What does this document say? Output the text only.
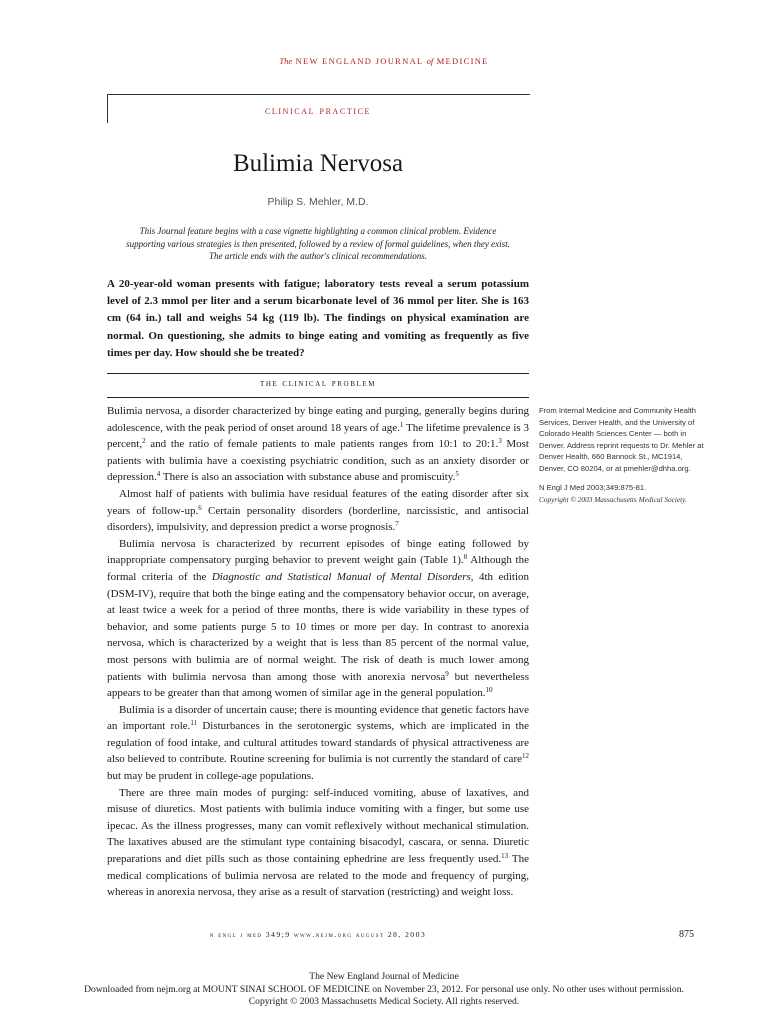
The NEW ENGLAND JOURNAL of MEDICINE
clinical practice
Bulimia Nervosa
Philip S. Mehler, M.D.
This Journal feature begins with a case vignette highlighting a common clinical problem. Evidence supporting various strategies is then presented, followed by a review of formal guidelines, when they exist. The article ends with the author's clinical recommendations.
A 20-year-old woman presents with fatigue; laboratory tests reveal a serum potassium level of 2.3 mmol per liter and a serum bicarbonate level of 36 mmol per liter. She is 163 cm (64 in.) tall and weighs 54 kg (119 lb). The findings on physical examination are normal. On questioning, she admits to binge eating and vomiting as frequently as five times per day. How should she be treated?
the clinical problem

Bulimia nervosa, a disorder characterized by binge eating and purging, generally begins during adolescence, with the peak period of onset around 18 years of age.$^1$ The lifetime prevalence is 3 percent,$^2$ and the ratio of female patients to male patients ranges from 10:1 to 20:1.$^3$ Most patients with bulimia have a coexisting psychiatric condition, such as an anxiety disorder or depression.$^4$ There is also an association with substance abuse and promiscuity.$^5$

Almost half of patients with bulimia have residual features of the eating disorder after six years of follow-up.$^6$ Certain personality disorders (borderline, narcissistic, and antisocial disorders), impulsivity, and depression predict a worse prognosis.$^7$

Bulimia nervosa is characterized by recurrent episodes of binge eating followed by inappropriate compensatory purging behavior to prevent weight gain (Table 1).$^8$ Although the formal criteria of the Diagnostic and Statistical Manual of Mental Disorders, 4th edition (DSM-IV), require that both the binge eating and the compensatory behavior occur, on average, at least twice a week for a period of three months, there is wide variability in these types of behavior, and some patients purge 5 to 10 times or more per day. In contrast to anorexia nervosa, which is characterized by a weight that is less than 85 percent of the normal value, most persons with bulimia are of normal weight. The risk of death is much lower among patients with bulimia nervosa than among those with anorexia nervosa$^9$ but nevertheless appears to be greater than that among women of similar age in the general population.$^{10}$

Bulimia is a disorder of uncertain cause; there is mounting evidence that genetic factors have an important role.$^{11}$ Disturbances in the serotonergic systems, which are implicated in the regulation of food intake, and cultural attitudes toward standards of physical attractiveness are also believed to contribute. Routine screening for bulimia is not currently the standard of care$^{12}$ but may be prudent in college-age populations.

There are three main modes of purging: self-induced vomiting, abuse of laxatives, and misuse of diuretics. Most patients with bulimia induce vomiting with a finger, but some use ipecac. As the illness progresses, many can vomit reflexively without mechanical stimulation. The laxatives abused are the stimulant type containing bisacodyl, cascara, or senna. Diuretic preparations and diet pills such as those containing ephedrine are less frequently used.$^{13}$ The medical complications of bulimia nervosa are related to the mode and frequency of purging, whereas in anorexia nervosa, they arise as a result of starvation (restricting) and weight loss.

From Internal Medicine and Community Health Services, Denver Health, and the University of Colorado Health Sciences Center — both in Denver. Address reprint requests to Dr. Mehler at Denver Health, 660 Bannock St., MC1914, Denver, CO 80204, or at pmehler@dhha.org.

N Engl J Med 2003;349:875-81.

Copyright © 2003 Massachusetts Medical Society.

n engl j med 349;9 www.nejm.org august 28, 2003	875
The New England Journal of Medicine
Downloaded from nejm.org at MOUNT SINAI SCHOOL OF MEDICINE on November 23, 2012. For personal use only. No other uses without permission.
Copyright © 2003 Massachusetts Medical Society. All rights reserved.
